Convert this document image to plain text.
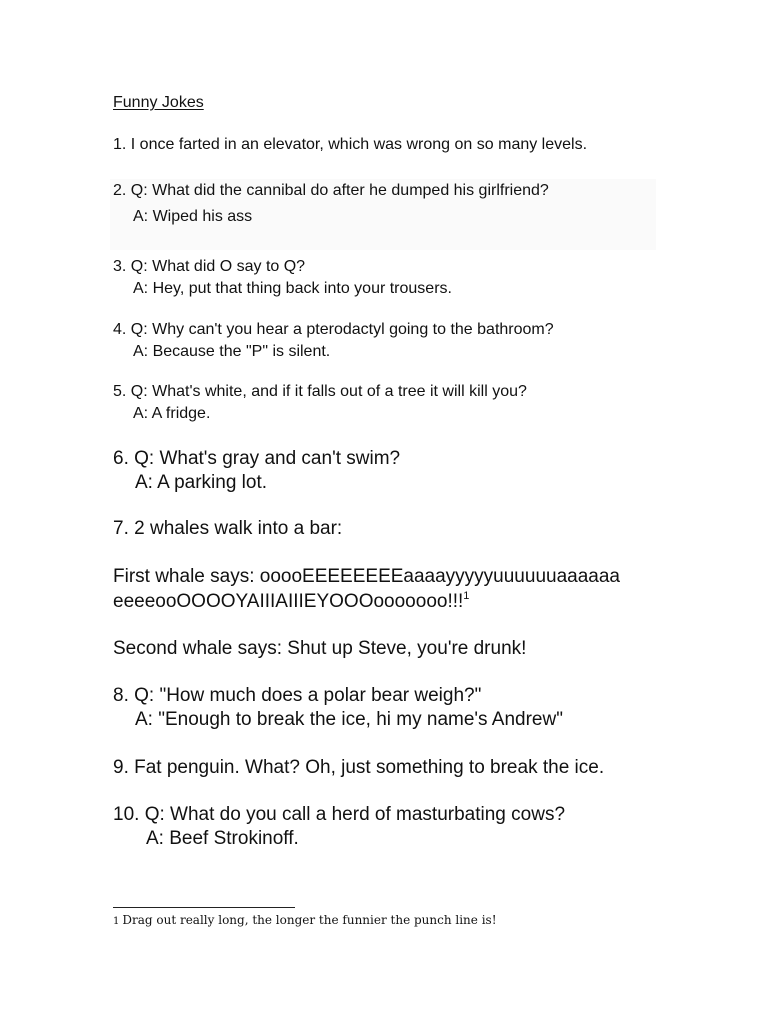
Funny Jokes
1. I once farted in an elevator, which was wrong on so many levels.
2. Q: What did the cannibal do after he dumped his girlfriend?
A: Wiped his ass
3. Q: What did O say to Q?
A: Hey, put that thing back into your trousers.
4. Q: Why can't you hear a pterodactyl going to the bathroom?
A: Because the "P" is silent.
5. Q: What's white, and if it falls out of a tree it will kill you?
A: A fridge.
6. Q: What's gray and can't swim?
A: A parking lot.
7. 2 whales walk into a bar:
First whale says: ooooEEEEEEEEaaaayyyyyuuuuuuaaaaaa
eeeeooOOOOYAIIIAIIIEYOOOooooooo!!!$^1$
Second whale says: Shut up Steve, you're drunk!
8. Q: "How much does a polar bear weigh?"
A: "Enough to break the ice, hi my name's Andrew"
9. Fat penguin. What? Oh, just something to break the ice.
10. Q: What do you call a herd of masturbating cows?
A: Beef Strokinoff.
1 Drag out really long, the longer the funnier the punch line is!
